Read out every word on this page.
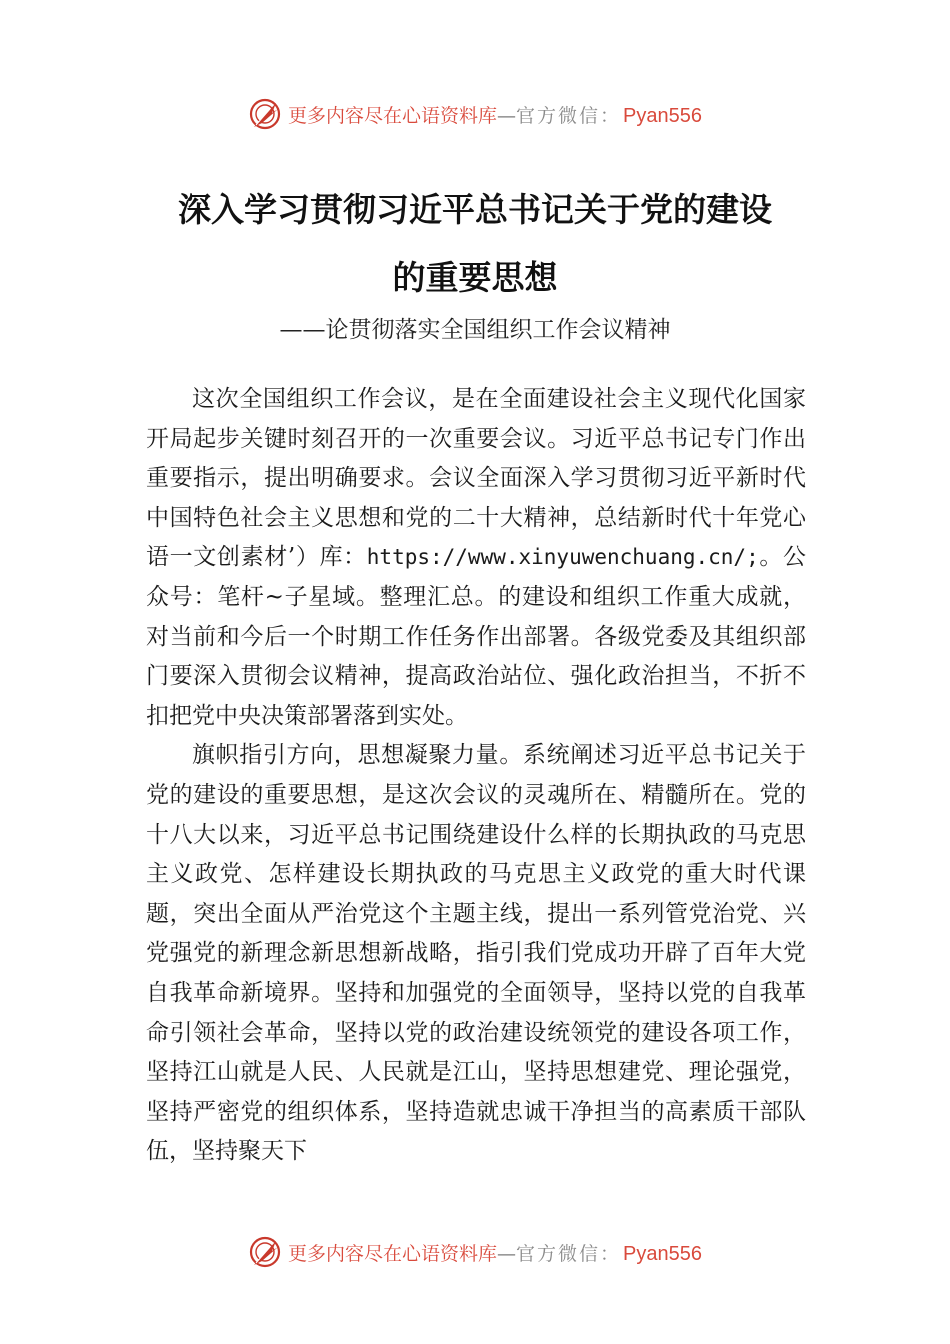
更多内容尽在心语资料库 — 官方微信： Pyan556
深入学习贯彻习近平总书记关于党的建设
的重要思想

——论贯彻落实全国组织工作会议精神

这次全国组织工作会议，是在全面建设社会主义现代化国家开局起步关键时刻召开的一次重要会议。习近平总书记专门作出重要指示，提出明确要求。会议全面深入学习贯彻习近平新时代中国特色社会主义思想和党的二十大精神，总结新时代十年党心语一文创素材’）库：https://www.xinyuwenchuang.cn/;。公众号：笔杆~子星域。整理汇总。的建设和组织工作重大成就，对当前和今后一个时期工作任务作出部署。各级党委及其组织部门要深入贯彻会议精神，提高政治站位、强化政治担当，不折不扣把党中央决策部署落到实处。

旗帜指引方向，思想凝聚力量。系统阐述习近平总书记关于党的建设的重要思想，是这次会议的灵魂所在、精髓所在。党的十八大以来，习近平总书记围绕建设什么样的长期执政的马克思主义政党、怎样建设长期执政的马克思主义政党的重大时代课题，突出全面从严治党这个主题主线，提出一系列管党治党、兴党强党的新理念新思想新战略，指引我们党成功开辟了百年大党自我革命新境界。坚持和加强党的全面领导，坚持以党的自我革命引领社会革命，坚持以党的政治建设统领党的建设各项工作，坚持江山就是人民、人民就是江山，坚持思想建党、理论强党，坚持严密党的组织体系，坚持造就忠诚干净担当的高素质干部队伍，坚持聚天下

更多内容尽在心语资料库 — 官方微信： Pyan556
